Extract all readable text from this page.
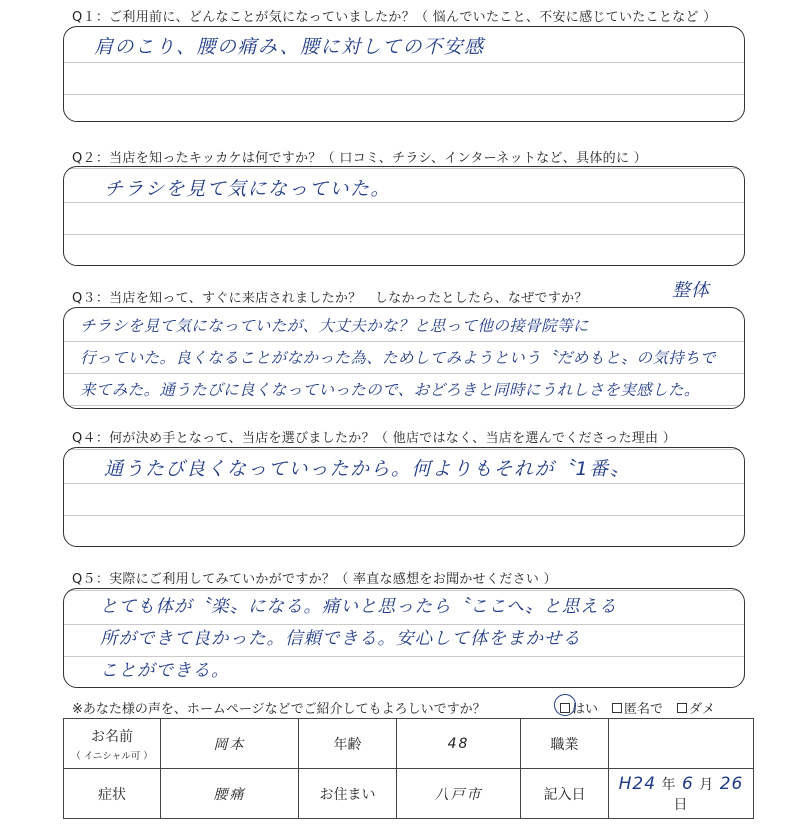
Q１：ご利用前に、どんなことが気になっていましたか？（ 悩んでいたこと、不安に感じていたことなど ）
肩のこり、腰の痛み、腰に対しての不安感
Q２：当店を知ったキッカケは何ですか？（ 口コミ、チラシ、インターネットなど、具体的に ）
チラシを見て気になっていた。
Q３：当店を知って、すぐに来店されましたか？　しなかったとしたら、なぜですか？	整体
チラシを見て気になっていたが、大丈夫かな？と思って他の接骨院等に
行っていた。良くなることがなかった為、ためしてみようという〝だめもと〟の気持ちで
来てみた。通うたびに良くなっていったので、おどろきと同時にうれしさを実感した。
Q４：何が決め手となって、当店を選びましたか？（ 他店ではなく、当店を選んでくださった理由 ）
通うたび良くなっていったから。何よりもそれが〝1番〟
Q５：実際にご利用してみていかがですか？（ 率直な感想をお聞かせください ）
とても体が〝楽〟になる。痛いと思ったら〝ここへ〟と思える
所ができて良かった。信頼できる。安心して体をまかせる
ことができる。
※あなた様の声を、ホームページなどでご紹介してもよろしいですか？	はい 匿名で ダメ
お名前
（ イニシャル可 ）	岡本	年齢	48	職業	
症状	腰痛	お住まい	八戸市	記入日	H24 年 6 月 26 日
